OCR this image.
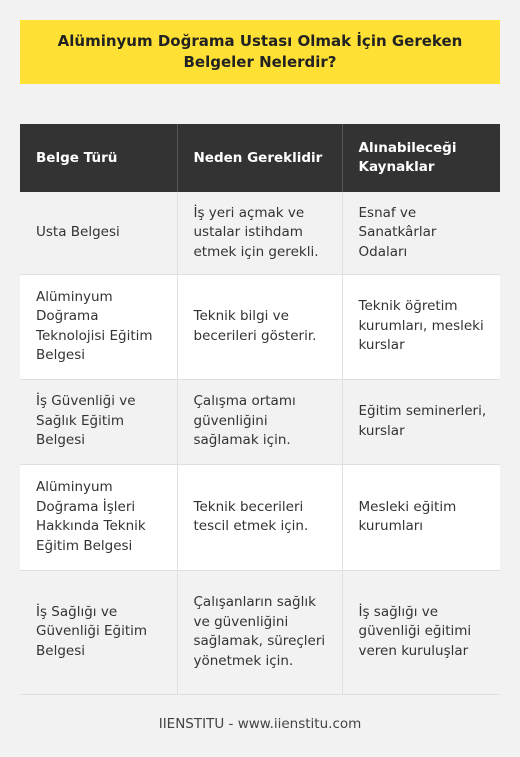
Alüminyum Doğrama Ustası Olmak İçin Gereken Belgeler Nelerdir?
Belge Türü	Neden Gereklidir	Alınabileceği Kaynaklar
Usta Belgesi	İş yeri açmak ve ustalar istihdam etmek için gerekli.	Esnaf ve Sanatkârlar Odaları
Alüminyum Doğrama Teknolojisi Eğitim Belgesi	Teknik bilgi ve becerileri gösterir.	Teknik öğretim kurumları, mesleki kurslar
İş Güvenliği ve Sağlık Eğitim Belgesi	Çalışma ortamı güvenliğini sağlamak için.	Eğitim seminerleri, kurslar
Alüminyum Doğrama İşleri Hakkında Teknik Eğitim Belgesi	Teknik becerileri tescil etmek için.	Mesleki eğitim kurumları
İş Sağlığı ve Güvenliği Eğitim Belgesi	Çalışanların sağlık ve güvenliğini sağlamak, süreçleri yönetmek için.	İş sağlığı ve güvenliği eğitimi veren kuruluşlar
IIENSTITU - www.iienstitu.com
